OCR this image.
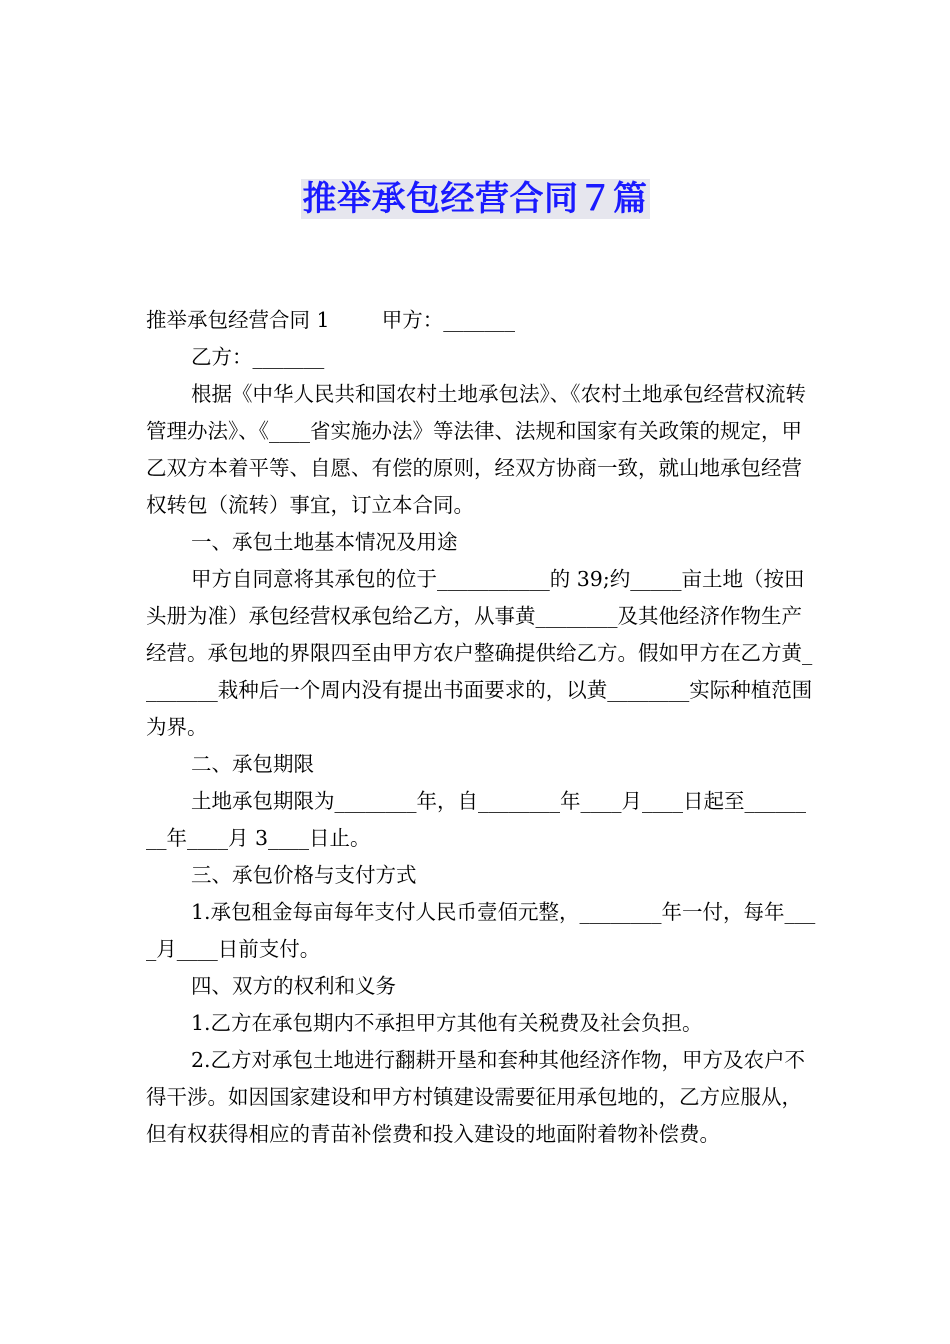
推举承包经营合同７篇

推举承包经营合同 1        甲方：_______

乙方：_______

根据《中华人民共和国农村土地承包法》、《农村土地承包经营权流转管理办法》、《____省实施办法》等法律、法规和国家有关政策的规定，甲乙双方本着平等、自愿、有偿的原则，经双方协商一致，就山地承包经营权转包（流转）事宜，订立本合同。

一、承包土地基本情况及用途

甲方自同意将其承包的位于___________的 39;约_____亩土地（按田头册为准）承包经营权承包给乙方，从事黄________及其他经济作物生产经营。承包地的界限四至由甲方农户整确提供给乙方。假如甲方在乙方黄________栽种后一个周内没有提出书面要求的，以黄________实际种植范围为界。

二、承包期限

土地承包期限为________年，自________年____月____日起至________年____月 3____日止。

三、承包价格与支付方式

1.承包租金每亩每年支付人民币壹佰元整，________年一付，每年____月____日前支付。

四、双方的权利和义务

1.乙方在承包期内不承担甲方其他有关税费及社会负担。

2.乙方对承包土地进行翻耕开垦和套种其他经济作物，甲方及农户不得干涉。如因国家建设和甲方村镇建设需要征用承包地的，乙方应服从，但有权获得相应的青苗补偿费和投入建设的地面附着物补偿费。
